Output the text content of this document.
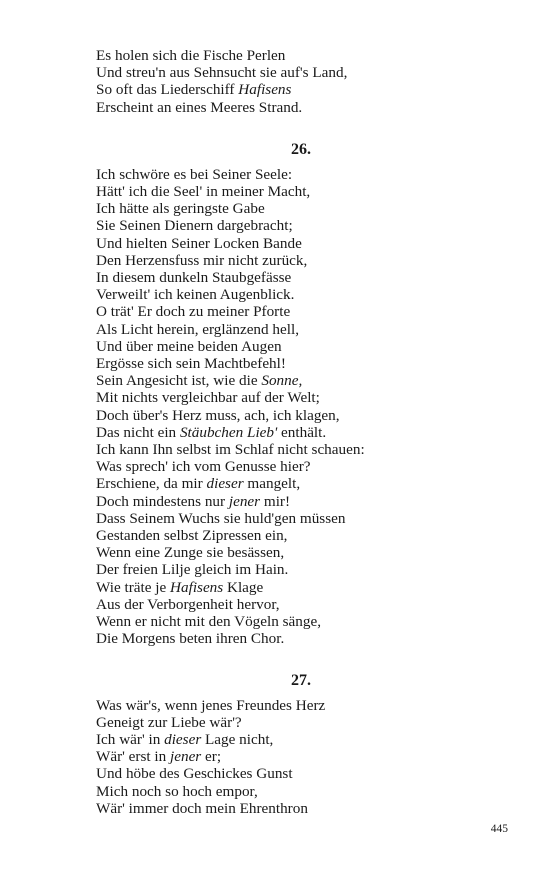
Es holen sich die Fische Perlen
Und streu'n aus Sehnsucht sie auf's Land,
So oft das Liederschiff Hafisens
Erscheint an eines Meeres Strand.
26.
Ich schwöre es bei Seiner Seele:
Hätt' ich die Seel' in meiner Macht,
Ich hätte als geringste Gabe
Sie Seinen Dienern dargebracht;
Und hielten Seiner Locken Bande
Den Herzensfuss mir nicht zurück,
In diesem dunkeln Staubgefässe
Verweilt' ich keinen Augenblick.
O trät' Er doch zu meiner Pforte
Als Licht herein, erglänzend hell,
Und über meine beiden Augen
Ergösse sich sein Machtbefehl!
Sein Angesicht ist, wie die Sonne,
Mit nichts vergleichbar auf der Welt;
Doch über's Herz muss, ach, ich klagen,
Das nicht ein Stäubchen Lieb' enthält.
Ich kann Ihn selbst im Schlaf nicht schauen:
Was sprech' ich vom Genusse hier?
Erschiene, da mir dieser mangelt,
Doch mindestens nur jener mir!
Dass Seinem Wuchs sie huld'gen müssen
Gestanden selbst Zipressen ein,
Wenn eine Zunge sie besässen,
Der freien Lilje gleich im Hain.
Wie träte je Hafisens Klage
Aus der Verborgenheit hervor,
Wenn er nicht mit den Vögeln sänge,
Die Morgens beten ihren Chor.
27.
Was wär's, wenn jenes Freundes Herz
Geneigt zur Liebe wär'?
Ich wär' in dieser Lage nicht,
Wär' erst in jener er;
Und höbe des Geschickes Gunst
Mich noch so hoch empor,
Wär' immer doch mein Ehrenthron
445
